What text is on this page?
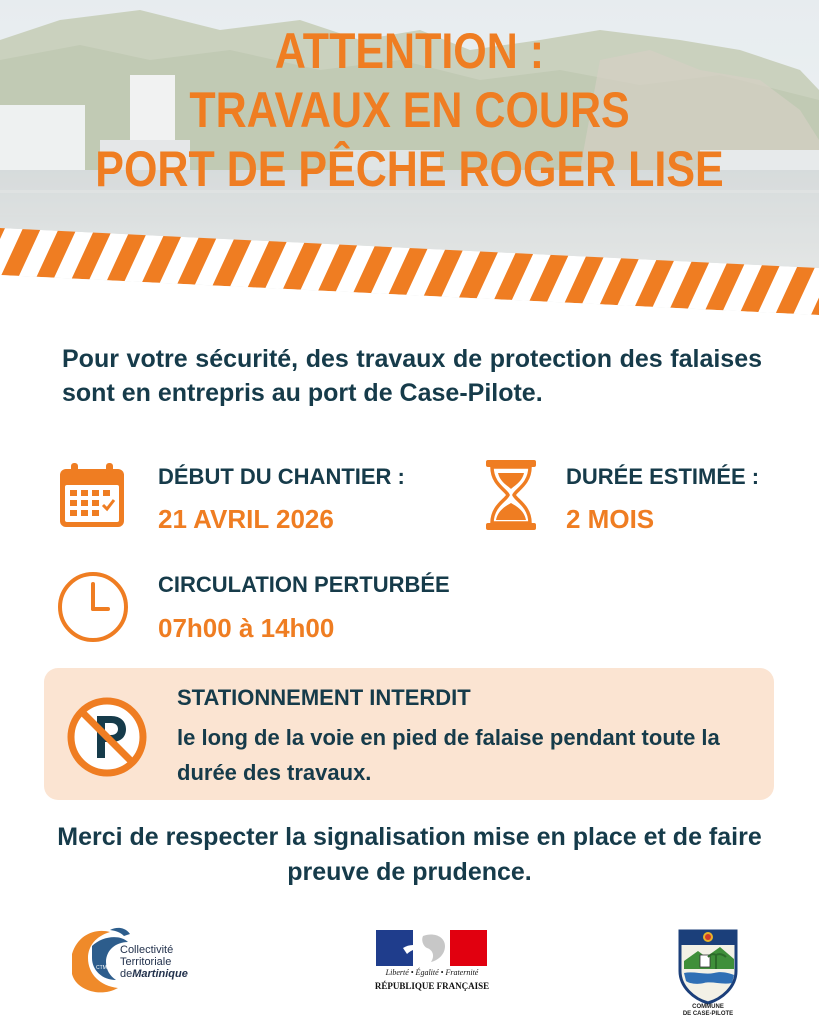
ATTENTION :
TRAVAUX EN COURS
PORT DE PÊCHE ROGER LISE
Pour votre sécurité, des travaux de protection des falaises sont en entrepris au port de Case-Pilote.
DÉBUT DU CHANTIER :
21 AVRIL 2026
DURÉE ESTIMÉE :
2 MOIS
CIRCULATION PERTURBÉE
07h00 à 14h00
STATIONNEMENT INTERDIT
le long de la voie en pied de falaise pendant toute la durée des travaux.
Merci de respecter la signalisation mise en place et de faire preuve de prudence.
CTM
Collectivité
Territoriale
deMartinique	Liberté • Égalité • Fraternité
RÉPUBLIQUE FRANÇAISE
COMMUNE
DE CASE-PILOTE
